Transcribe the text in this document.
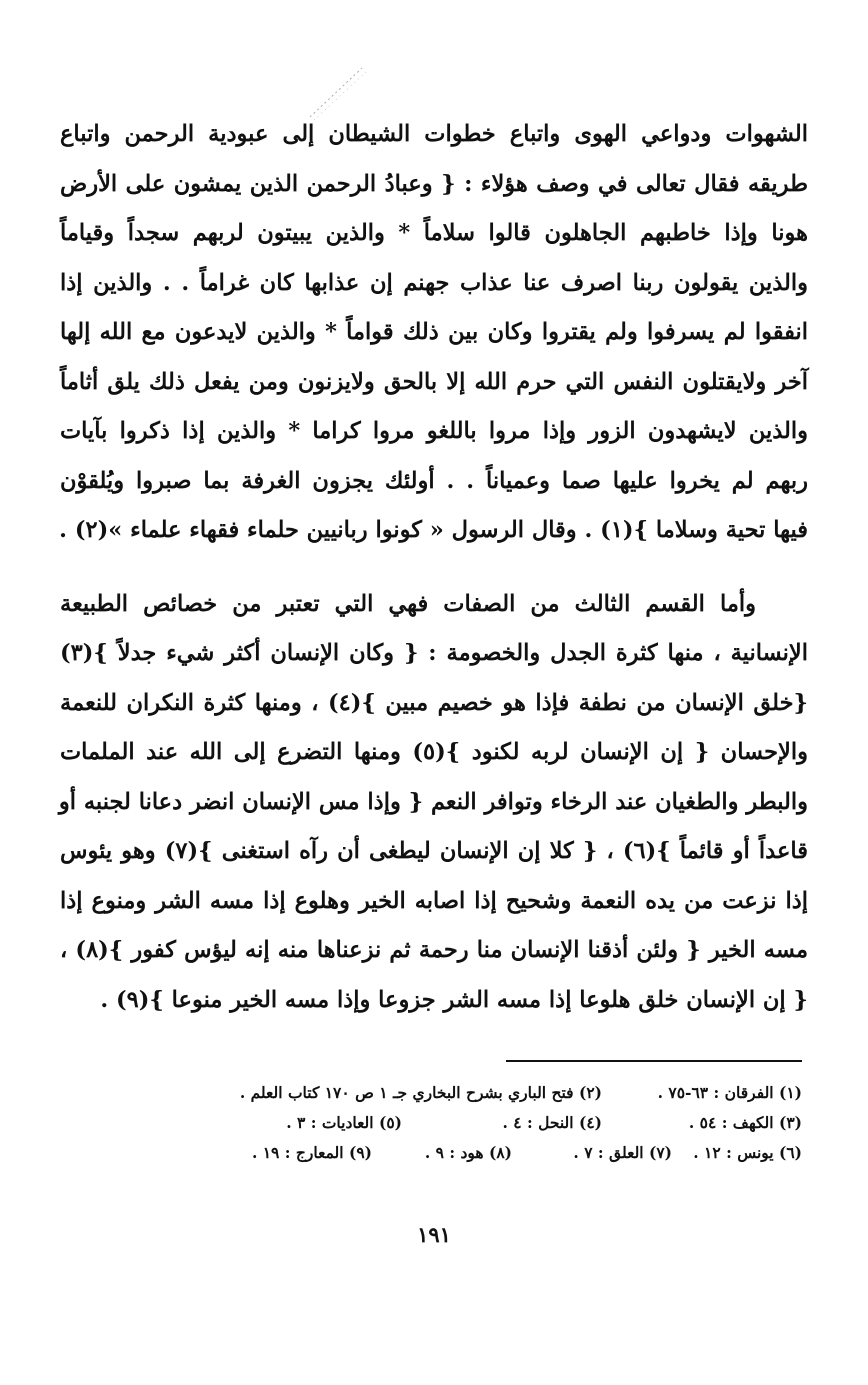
الشهوات ودواعي الهوى واتباع خطوات الشيطان إلى عبودية الرحمن واتباع
طريقه فقال تعالى في وصف هؤلاء : { وعبادُ الرحمن الذين يمشون على الأرض
هونا وإذا خاطبهم الجاهلون قالوا سلاماً * والذين يبيتون لربهم سجداً وقياماً
والذين يقولون ربنا اصرف عنا عذاب جهنم إن عذابها كان غراماً . . والذين إذا
انفقوا لم يسرفوا ولم يقتروا وكان بين ذلك قواماً * والذين لايدعون مع الله إلها
آخر ولايقتلون النفس التي حرم الله إلا بالحق ولايزنون ومن يفعل ذلك يلق أثاماً
والذين لايشهدون الزور وإذا مروا باللغو مروا كراما * والذين إذا ذكروا بآيات
ربهم لم يخروا عليها صما وعمياناً . . أولئك يجزون الغرفة بما صبروا ويُلقوْن
فيها تحية وسلاما }(١) . وقال الرسول « كونوا ربانيين حلماء فقهاء علماء »(٢) .
وأما القسم الثالث من الصفات فهي التي تعتبر من خصائص الطبيعة
الإنسانية ، منها كثرة الجدل والخصومة : { وكان الإنسان أكثر شيء جدلاً }(٣)
{خلق الإنسان من نطفة فإذا هو خصيم مبين }(٤) ، ومنها كثرة النكران للنعمة
والإحسان { إن الإنسان لربه لكنود }(٥) ومنها التضرع إلى الله عند الملمات
والبطر والطغيان عند الرخاء وتوافر النعم { وإذا مس الإنسان انضر دعانا لجنبه أو
قاعداً أو قائماً }(٦) ، { كلا إن الإنسان ليطغى أن رآه استغنى }(٧) وهو يئوس
إذا نزعت من يده النعمة وشحيح إذا اصابه الخير وهلوع إذا مسه الشر ومنوع إذا
مسه الخير { ولئن أذقنا الإنسان منا رحمة ثم نزعناها منه إنه ليؤس كفور }(٨) ،
{ إن الإنسان خلق هلوعا إذا مسه الشر جزوعا وإذا مسه الخير منوعا }(٩) .
(١) الفرقان : ٦٣-٧٥ .
(٢) فتح الباري بشرح البخاري جـ ١ ص ١٧٠ كتاب العلم .
(٣) الكهف : ٥٤ .
(٤) النحل : ٤ .
(٥) العاديات : ٣ .
(٦) يونس : ١٢ .
(٧) العلق : ٧ .
(٨) هود : ٩ .
(٩) المعارج : ١٩ .
١٩١
